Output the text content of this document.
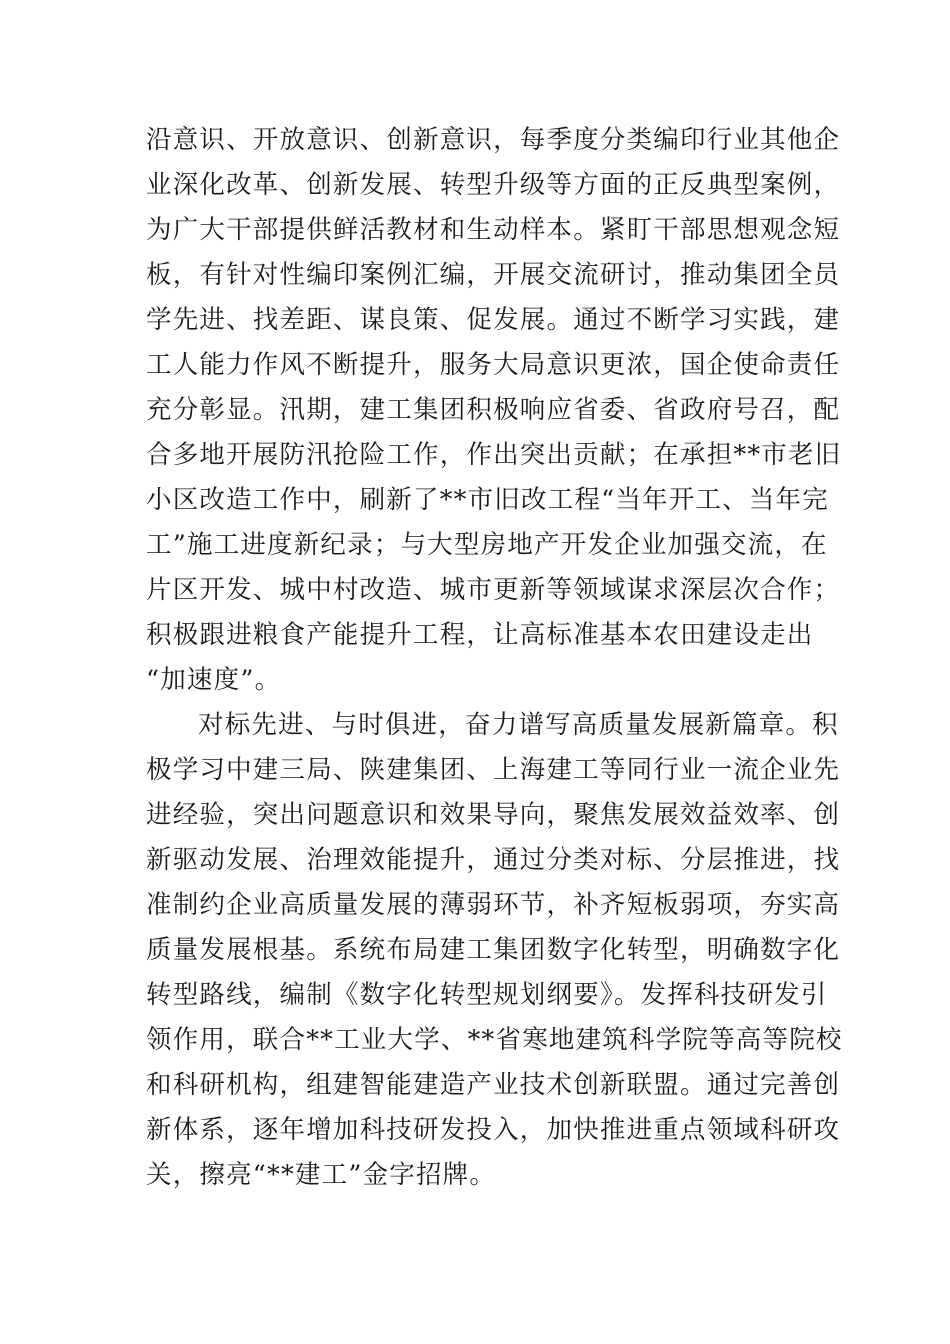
沿意识、开放意识、创新意识，每季度分类编印行业其他企
业深化改革、创新发展、转型升级等方面的正反典型案例，
为广大干部提供鲜活教材和生动样本。紧盯干部思想观念短
板，有针对性编印案例汇编，开展交流研讨，推动集团全员
学先进、找差距、谋良策、促发展。通过不断学习实践，建
工人能力作风不断提升，服务大局意识更浓，国企使命责任
充分彰显。汛期，建工集团积极响应省委、省政府号召，配
合多地开展防汛抢险工作，作出突出贡献；在承担**市老旧
小区改造工作中，刷新了**市旧改工程“当年开工、当年完
工”施工进度新纪录；与大型房地产开发企业加强交流，在
片区开发、城中村改造、城市更新等领域谋求深层次合作；
积极跟进粮食产能提升工程，让高标准基本农田建设走出
“加速度”。
对标先进、与时俱进，奋力谱写高质量发展新篇章。积
极学习中建三局、陕建集团、上海建工等同行业一流企业先
进经验，突出问题意识和效果导向，聚焦发展效益效率、创
新驱动发展、治理效能提升，通过分类对标、分层推进，找
准制约企业高质量发展的薄弱环节，补齐短板弱项，夯实高
质量发展根基。系统布局建工集团数字化转型，明确数字化
转型路线，编制《数字化转型规划纲要》。发挥科技研发引
领作用，联合**工业大学、**省寒地建筑科学院等高等院校
和科研机构，组建智能建造产业技术创新联盟。通过完善创
新体系，逐年增加科技研发投入，加快推进重点领域科研攻
关，擦亮“**建工”金字招牌。
